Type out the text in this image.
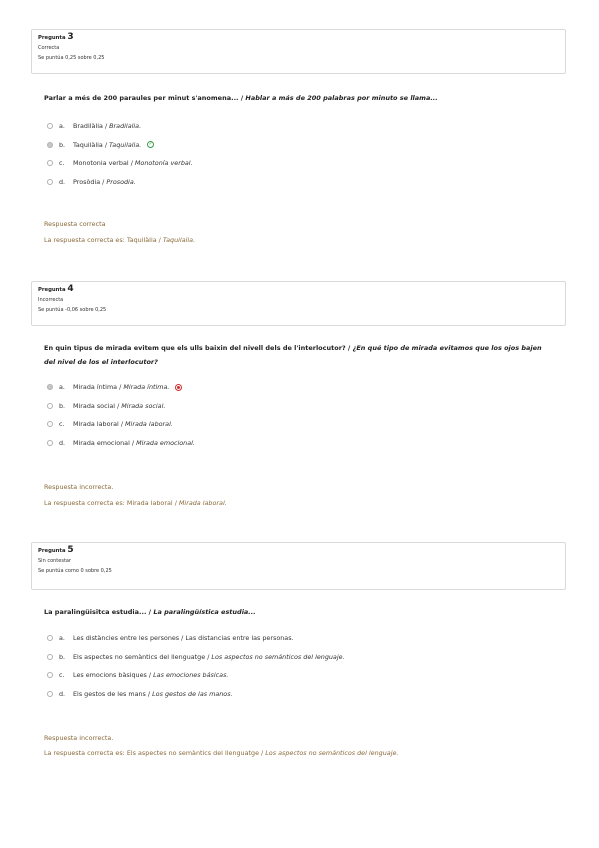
Pregunta 3
Correcta
Se puntúa 0,25 sobre 0,25
Parlar a més de 200 paraules per minut s'anomena... / Hablar a más de 200 palabras por minuto se llama...
a.	Bradilàlia /
Bradilalia.
b.	Taquilàlia /
Taquilalia. ✓
c.	Monotonia verbal /
Monotonía verbal.
d.	Prosòdia /
Prosodia.
Respuesta correcta
La respuesta correcta es: Taquilàlia / Taquilalia.
Pregunta 4
Incorrecta
Se puntúa -0,06 sobre 0,25
En quin tipus de mirada evitem que els ulls baixin del nivell dels de l'interlocutor? / ¿En qué tipo de mirada evitamos que los ojos bajen del nivel de los el interlocutor?
a.	Mirada íntima /
Mirada íntima.
b.	Mirada social /
Mirada social.
c.	Mirada laboral /
Mirada laboral.
d.	Mirada emocional /
Mirada emocional.
Respuesta incorrecta.
La respuesta correcta es: Mirada laboral / Mirada laboral.
Pregunta 5
Sin contestar
Se puntúa como 0 sobre 0,25
La paralingüisitca estudia... / La paralingüística estudia...
a.	Les distàncies entre les persones / Las distancias entre las personas.
b.	Els aspectes no semàntics del llenguatge /
Los aspectos no semánticos del lenguaje.
c.	Les emocions bàsiques /
Las emociones básicas.
d.	Els gestos de les mans /
Los gestos de las manos.
Respuesta incorrecta.
La respuesta correcta es: Els aspectes no semàntics del llenguatge / Los aspectos no semánticos del lenguaje.
